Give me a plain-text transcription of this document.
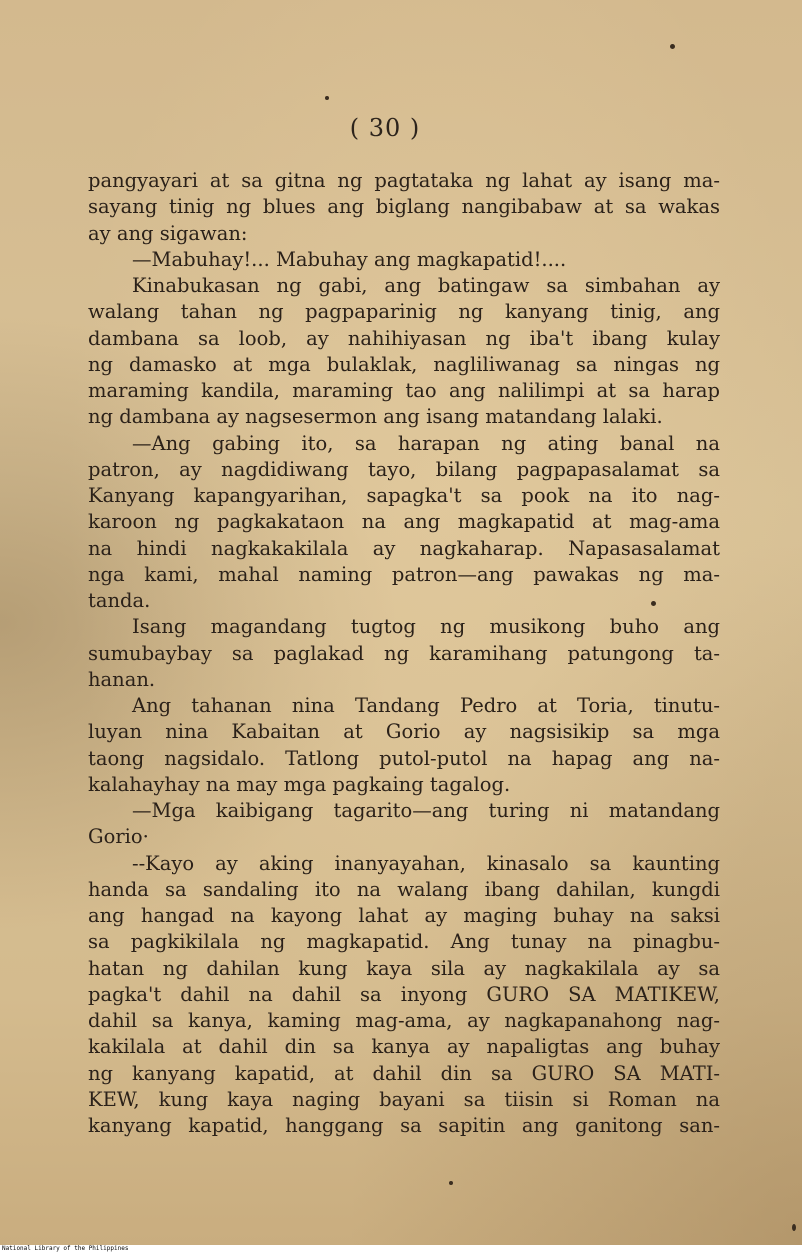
( 30 )
pangyayari at sa gitna ng pagtataka ng lahat ay isang ma-
sayang tinig ng blues ang biglang nangibabaw at sa wakas
ay ang sigawan:
—Mabuhay!... Mabuhay ang magkapatid!....
Kinabukasan ng gabi, ang batingaw sa simbahan ay
walang tahan ng pagpaparinig ng kanyang tinig, ang
dambana sa loob, ay nahihiyasan ng iba't ibang kulay
ng damasko at mga bulaklak, nagliliwanag sa ningas ng
maraming kandila, maraming tao ang nalilimpi at sa harap
ng dambana ay nagsesermon ang isang matandang lalaki.
—Ang gabing ito, sa harapan ng ating banal na
patron, ay nagdidiwang tayo, bilang pagpapasalamat sa
Kanyang kapangyarihan, sapagka't sa pook na ito nag-
karoon ng pagkakataon na ang magkapatid at mag-ama
na hindi nagkakakilala ay nagkaharap. Napasasalamat
nga kami, mahal naming patron—ang pawakas ng ma-
tanda.
Isang magandang tugtog ng musikong buho ang
sumubaybay sa paglakad ng karamihang patungong ta-
hanan.
Ang tahanan nina Tandang Pedro at Toria, tinutu-
luyan nina Kabaitan at Gorio ay nagsisikip sa mga
taong nagsidalo. Tatlong putol-putol na hapag ang na-
kalahayhay na may mga pagkaing tagalog.
—Mga kaibigang tagarito—ang turing ni matandang
Gorio·
--Kayo ay aking inanyayahan, kinasalo sa kaunting
handa sa sandaling ito na walang ibang dahilan, kungdi
ang hangad na kayong lahat ay maging buhay na saksi
sa pagkikilala ng magkapatid. Ang tunay na pinagbu-
hatan ng dahilan kung kaya sila ay nagkakilala ay sa
pagka't dahil na dahil sa inyong GURO SA MATIKEW,
dahil sa kanya, kaming mag-ama, ay nagkapanahong nag-
kakilala at dahil din sa kanya ay napaligtas ang buhay
ng kanyang kapatid, at dahil din sa GURO SA MATI-
KEW, kung kaya naging bayani sa tiisin si Roman na
kanyang kapatid, hanggang sa sapitin ang ganitong san-
National Library of the Philippines
